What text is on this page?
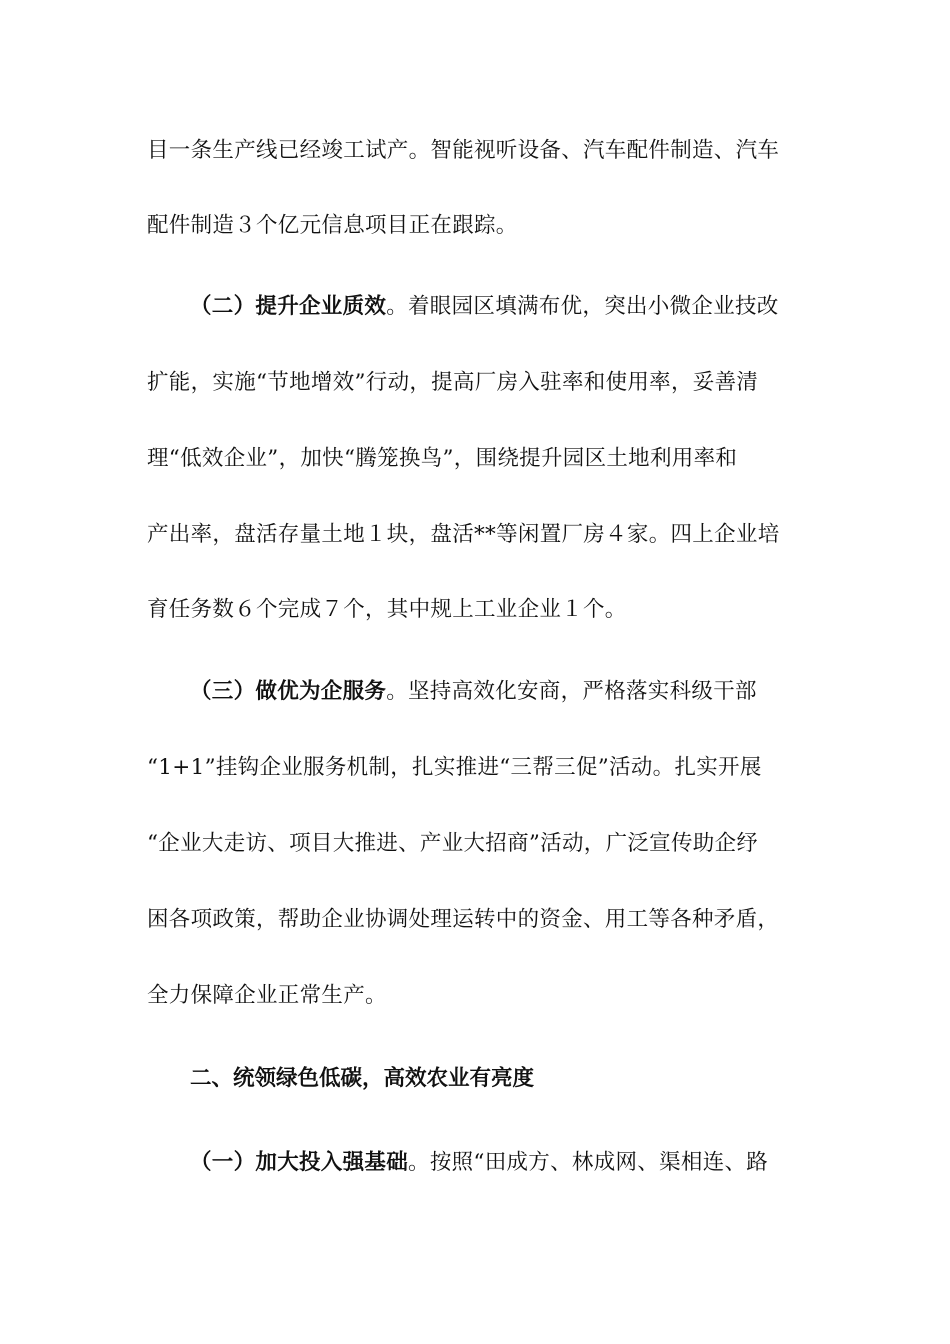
目一条生产线已经竣工试产。智能视听设备、汽车配件制造、汽车
配件制造３个亿元信息项目正在跟踪。
（二）提升企业质效。着眼园区填满布优，突出小微企业技改
扩能，实施“节地增效”行动，提高厂房入驻率和使用率，妥善清
理“低效企业”，加快“腾笼换鸟”，围绕提升园区土地利用率和
产出率，盘活存量土地１块，盘活**等闲置厂房４家。四上企业培
育任务数６个完成７个，其中规上工业企业１个。
（三）做优为企服务。坚持高效化安商，严格落实科级干部
“1+1”挂钩企业服务机制，扎实推进“三帮三促”活动。扎实开展
“企业大走访、项目大推进、产业大招商”活动，广泛宣传助企纾
困各项政策，帮助企业协调处理运转中的资金、用工等各种矛盾，
全力保障企业正常生产。
二、统领绿色低碳，高效农业有亮度
（一）加大投入强基础。按照“田成方、林成网、渠相连、路
